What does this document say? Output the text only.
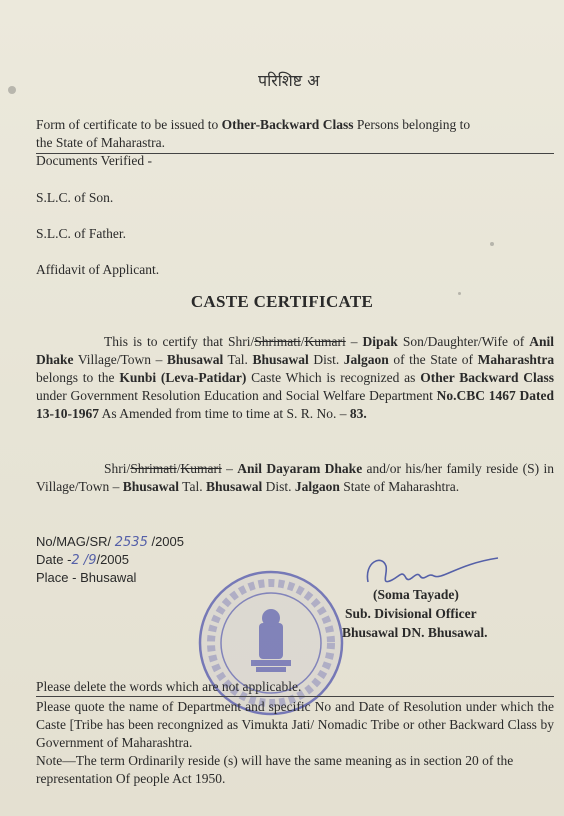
परिशिष्ट अ
Form of certificate to be issued to Other-Backward Class Persons belonging to
the State of Maharastra.
Documents Verified -
S.L.C. of Son.
S.L.C. of Father.
Affidavit of Applicant.
CASTE CERTIFICATE

This is to certify that Shri/Shrimati/Kumari – Dipak Son/Daughter/Wife of Anil Dhake Village/Town – Bhusawal Tal. Bhusawal Dist. Jalgaon of the State of Maharashtra belongs to the Kunbi (Leva-Patidar) Caste Which is recognized as Other Backward Class under Government Resolution Education and Social Welfare Department No.CBC 1467 Dated 13-10-1967 As Amended from time to time at S. R. No. – 83.

Shri/Shrimati/Kumari – Anil Dayaram Dhake and/or his/her family reside (S) in Village/Town – Bhusawal Tal. Bhusawal Dist. Jalgaon State of Maharashtra.

No/MAG/SR/ 2535 /2005
Date -2 /9/2005
Place - Bhusawal
(Soma Tayade)
Sub. Divisional Officer
Bhusawal DN. Bhusawal.
Please delete the words which are not applicable.
Please quote the name of Department and specific No and Date of Resolution under which the Caste [Tribe has been recongnized as Vimukta Jati/ Nomadic Tribe or other Backward Class by Government of Maharashtra.
Note—The term Ordinarily reside (s) will have the same meaning as in section 20 of the representation Of people Act 1950.
